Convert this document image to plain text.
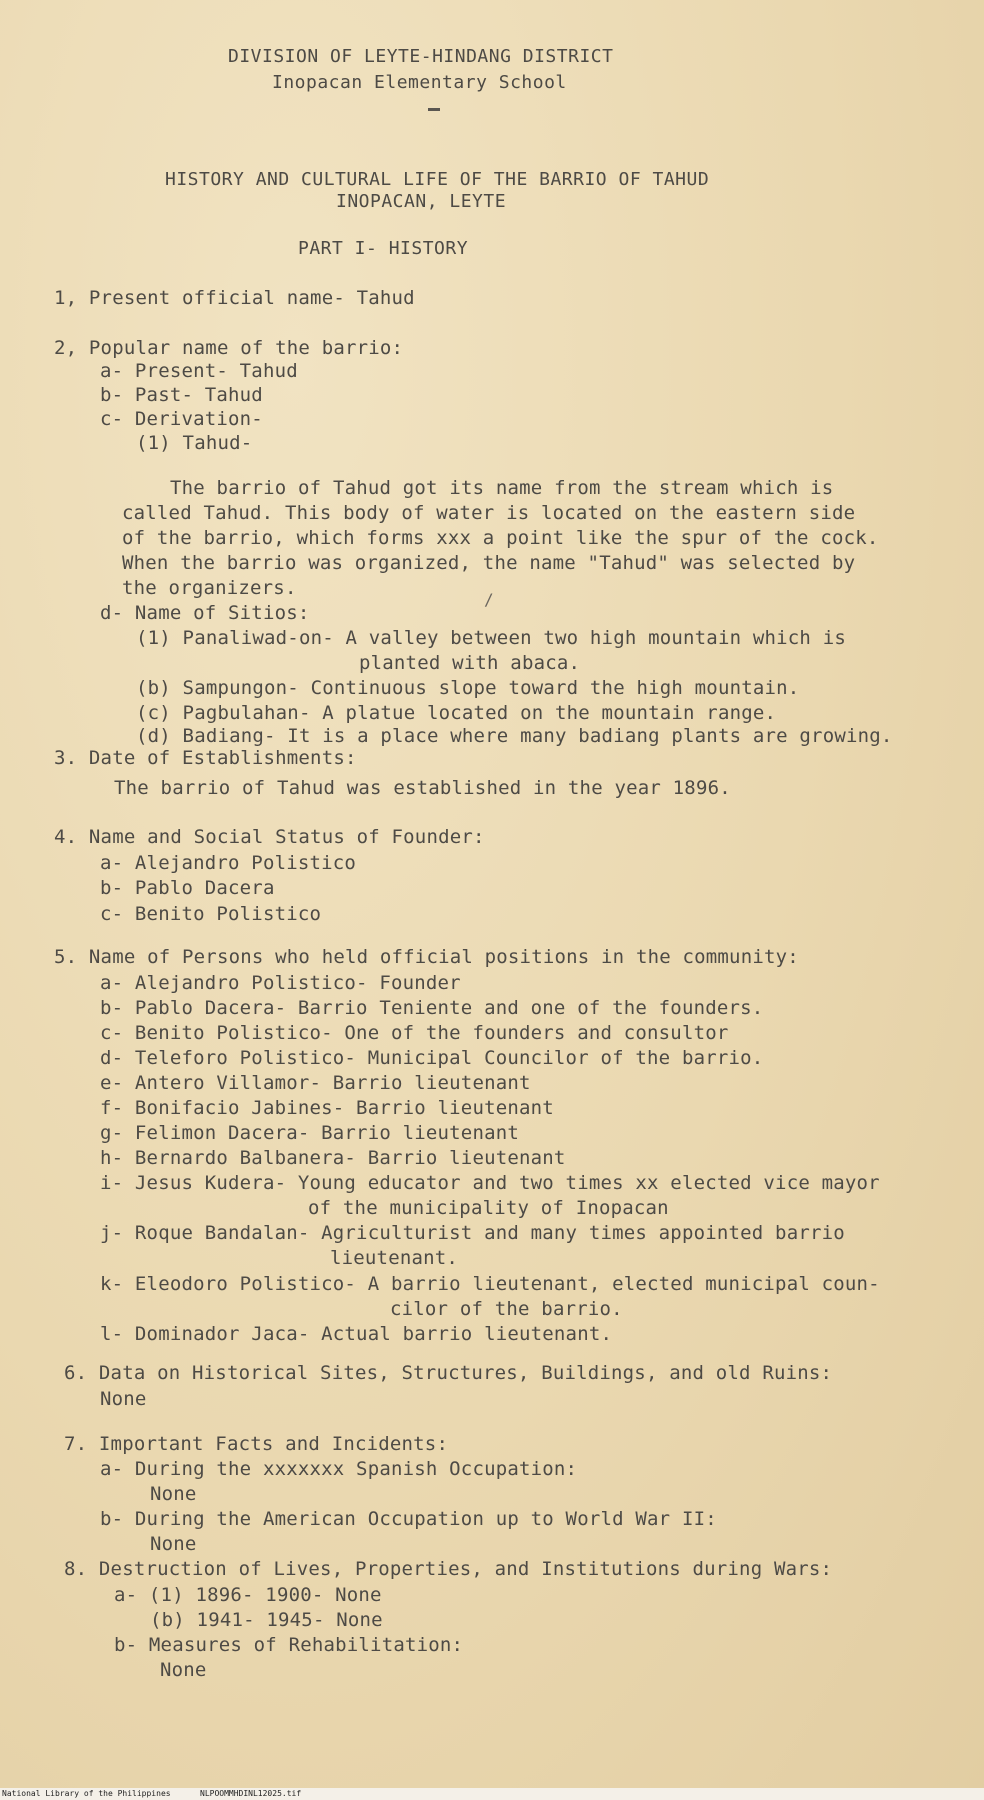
DIVISION OF LEYTE-HINDANG DISTRICT
Inopacan Elementary School
HISTORY AND CULTURAL LIFE OF THE BARRIO OF TAHUD
INOPACAN, LEYTE
PART I- HISTORY
1, Present official name- Tahud
2, Popular name of the barrio:
a- Present- Tahud
b- Past- Tahud
c- Derivation-
(1) Tahud-
The barrio of Tahud got its name from the stream which is
called Tahud. This body of water is located on the eastern side
of the barrio, which forms xxx a point like the spur of the cock.
When the barrio was organized, the name "Tahud" was selected by
the organizers.
/
d- Name of Sitios:
(1) Panaliwad-on- A valley between two high mountain which is
planted with abaca.
(b) Sampungon- Continuous slope toward the high mountain.
(c) Pagbulahan- A platue located on the mountain range.
(d) Badiang- It is a place where many badiang plants are growing.
3. Date of Establishments:
The barrio of Tahud was established in the year 1896.
4. Name and Social Status of Founder:
a- Alejandro Polistico
b- Pablo Dacera
c- Benito Polistico
5. Name of Persons who held official positions in the community:
a- Alejandro Polistico- Founder
b- Pablo Dacera- Barrio Teniente and one of the founders.
c- Benito Polistico- One of the founders and consultor
d- Teleforo Polistico- Municipal Councilor of the barrio.
e- Antero Villamor- Barrio lieutenant
f- Bonifacio Jabines- Barrio lieutenant
g- Felimon Dacera- Barrio lieutenant
h- Bernardo Balbanera- Barrio lieutenant
i- Jesus Kudera- Young educator and two times xx elected vice mayor
of the municipality of Inopacan
j- Roque Bandalan- Agriculturist and many times appointed barrio
lieutenant.
k- Eleodoro Polistico- A barrio lieutenant, elected municipal coun-
cilor of the barrio.
l- Dominador Jaca- Actual barrio lieutenant.
6. Data on Historical Sites, Structures, Buildings, and old Ruins:
None
7. Important Facts and Incidents:
a- During the xxxxxxx Spanish Occupation:
None
b- During the American Occupation up to World War II:
None
8. Destruction of Lives, Properties, and Institutions during Wars:
a- (1) 1896- 1900- None
(b) 1941- 1945- None
b- Measures of Rehabilitation:
None
National Library of the Philippines	NLPOOMMHDINL12025.tif
